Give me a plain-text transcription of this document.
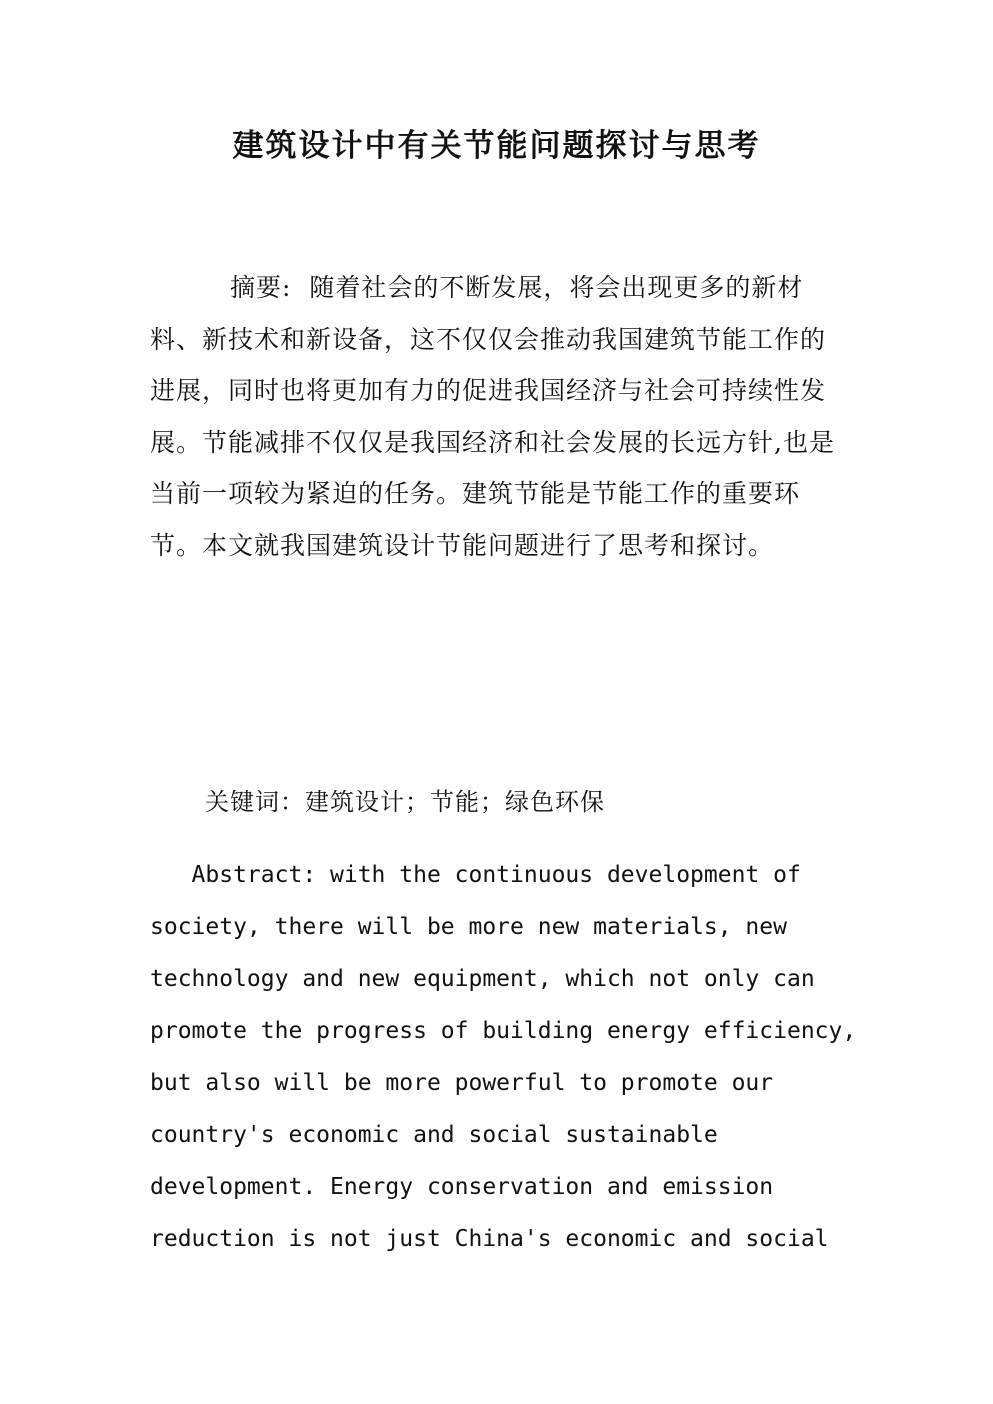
建筑设计中有关节能问题探讨与思考

摘要: 随着社会的不断发展，将会出现更多的新材料、新技术和新设备，这不仅仅会推动我国建筑节能工作的进展，同时也将更加有力的促进我国经济与社会可持续性发展。节能减排不仅仅是我国经济和社会发展的长远方针,也是当前一项较为紧迫的任务。建筑节能是节能工作的重要环节。本文就我国建筑设计节能问题进行了思考和探讨。

关键词：建筑设计；节能；绿色环保

Abstract: with the continuous development of
society, there will be more new materials, new
technology and new equipment, which not only can
promote the progress of building energy efficiency,
but also will be more powerful to promote our
country's economic and social sustainable
development. Energy conservation and emission
reduction is not just China's economic and social
